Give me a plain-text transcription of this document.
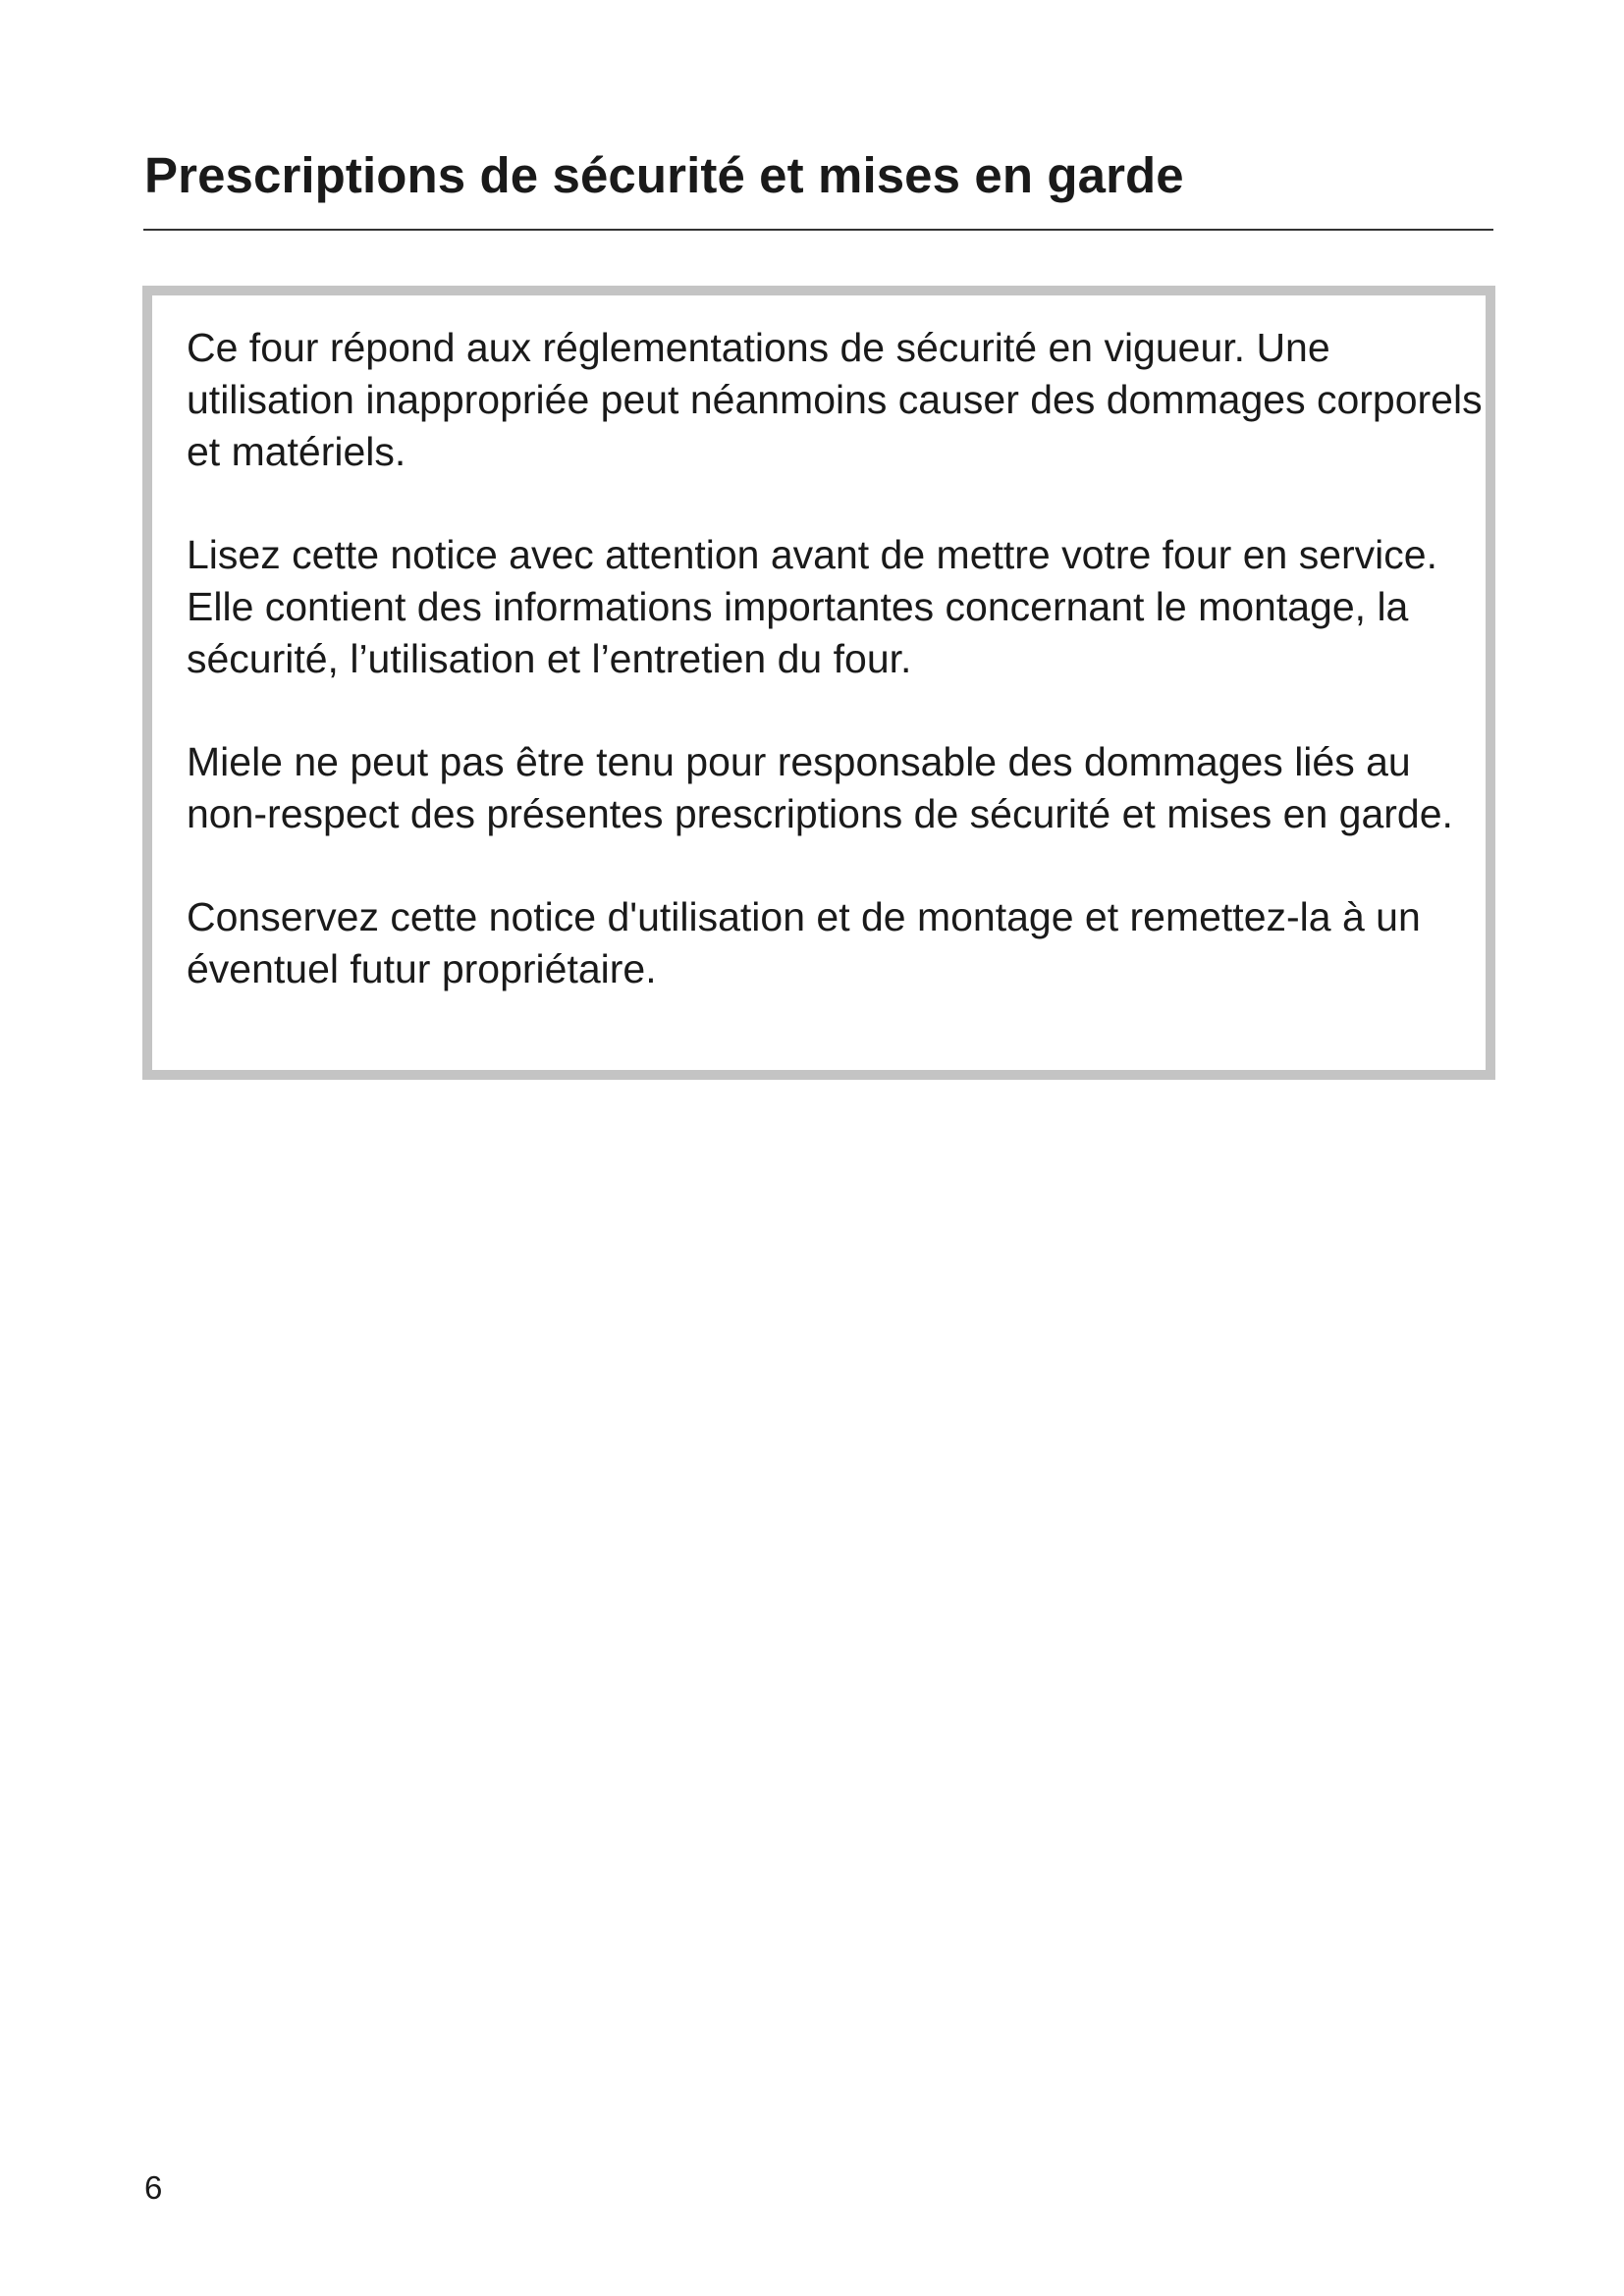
Prescriptions de sécurité et mises en garde

Ce four répond aux réglementations de sécurité en vigueur. Une utilisation inappropriée peut néanmoins causer des dommages corporels et matériels.

Lisez cette notice avec attention avant de mettre votre four en service. Elle contient des informations importantes concernant le montage, la sécurité, l’utilisation et l’entretien du four.

Miele ne peut pas être tenu pour responsable des dommages liés au non-respect des présentes prescriptions de sécurité et mises en garde.

Conservez cette notice d'utilisation et de montage et remettez-la à un éventuel futur propriétaire.

6
